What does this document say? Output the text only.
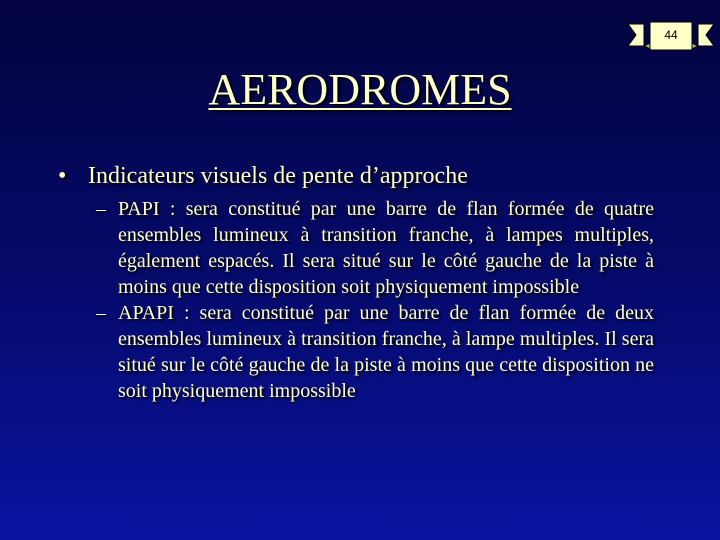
44
AERODROMES
• Indicateurs visuels de pente d’approche
– PAPI : sera constitué par une barre de flan formée de quatre ensembles lumineux à transition franche, à lampes multiples, également espacés. Il sera situé sur le côté gauche de la piste à moins que cette disposition soit physiquement impossible
– APAPI : sera constitué par une barre de flan formée de deux ensembles lumineux à transition franche, à lampe multiples. Il sera situé sur le côté gauche de la piste à moins que cette disposition ne soit physiquement impossible
